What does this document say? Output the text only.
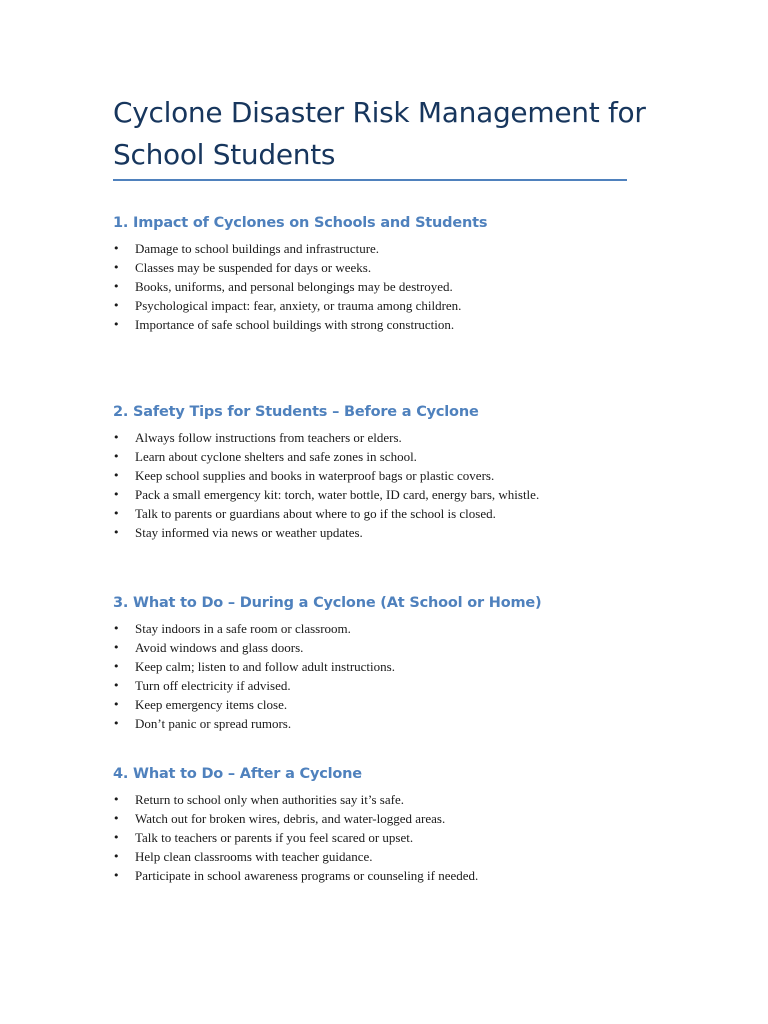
Cyclone Disaster Risk Management for School Students
1. Impact of Cyclones on Schools and Students
• Damage to school buildings and infrastructure.
• Classes may be suspended for days or weeks.
• Books, uniforms, and personal belongings may be destroyed.
• Psychological impact: fear, anxiety, or trauma among children.
• Importance of safe school buildings with strong construction.
2. Safety Tips for Students – Before a Cyclone
• Always follow instructions from teachers or elders.
• Learn about cyclone shelters and safe zones in school.
• Keep school supplies and books in waterproof bags or plastic covers.
• Pack a small emergency kit: torch, water bottle, ID card, energy bars, whistle.
• Talk to parents or guardians about where to go if the school is closed.
• Stay informed via news or weather updates.
3. What to Do – During a Cyclone (At School or Home)
• Stay indoors in a safe room or classroom.
• Avoid windows and glass doors.
• Keep calm; listen to and follow adult instructions.
• Turn off electricity if advised.
• Keep emergency items close.
• Don’t panic or spread rumors.
4. What to Do – After a Cyclone
• Return to school only when authorities say it’s safe.
• Watch out for broken wires, debris, and water-logged areas.
• Talk to teachers or parents if you feel scared or upset.
• Help clean classrooms with teacher guidance.
• Participate in school awareness programs or counseling if needed.
